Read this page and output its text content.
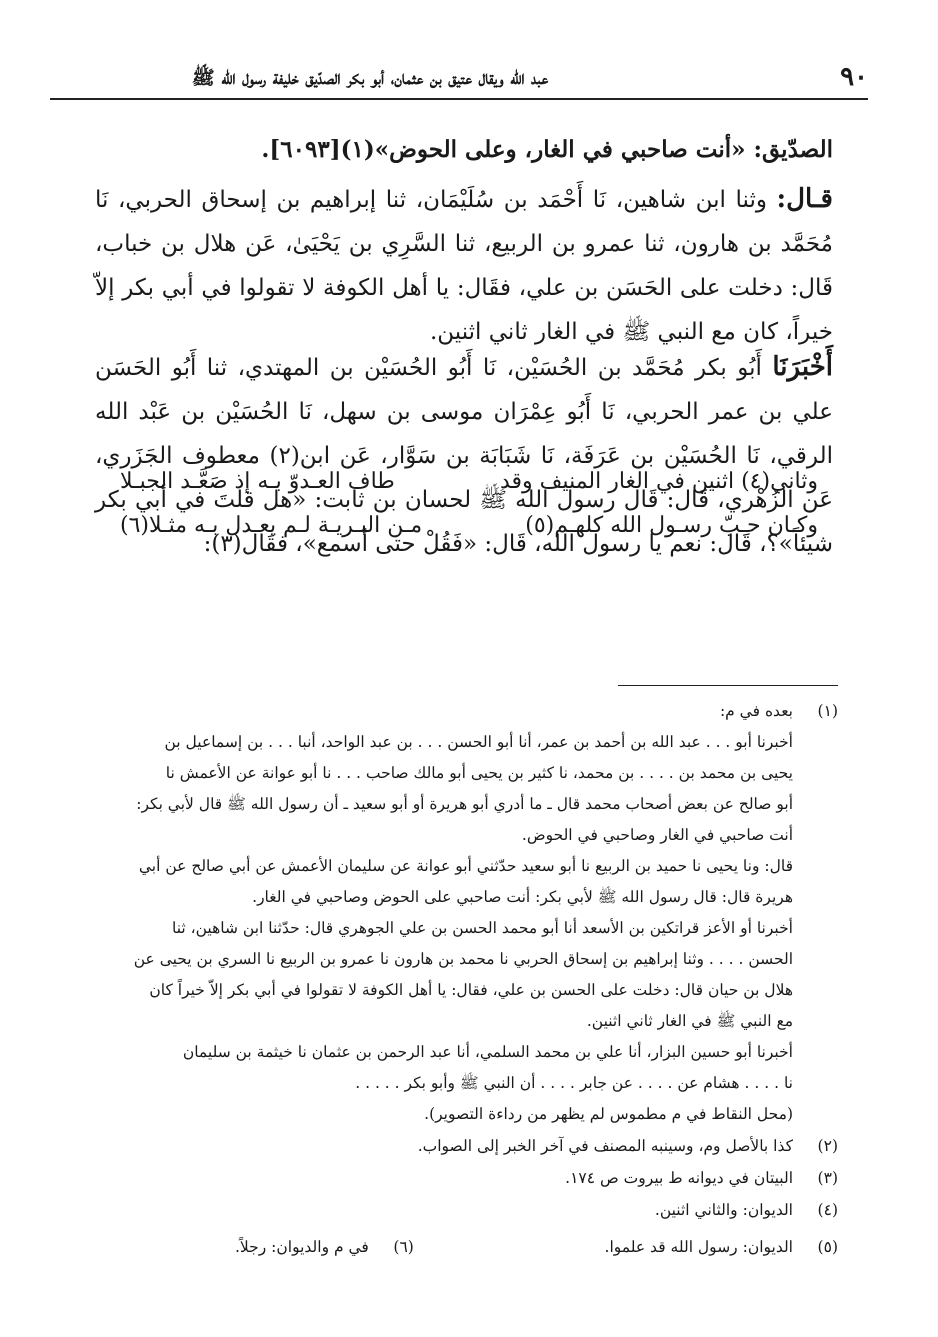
٩٠
عبد الله ويقال عتيق بن عثمان، أبو بكر الصدّيق خليفة رسول الله ﷺ

الصدّيق: «أنت صاحبي في الغار، وعلى الحوض»(١)[٦٠٩٣].

قـال: وثنا ابن شاهين، نَا أَحْمَد بن سُلَيْمَان، ثنا إبراهيم بن إسحاق الحربي، نَا مُحَمَّد بن هارون، ثنا عمرو بن الربيع، ثنا السَّرِي بن يَحْيَىٰ، عَن هلال بن خباب، قَال: دخلت على الحَسَن بن علي، فقَال: يا أهل الكوفة لا تقولوا في أبي بكر إلاّ خيراً، كان مع النبي ﷺ في الغار ثاني اثنين.

أَخْبَرَنَا أَبُو بكر مُحَمَّد بن الحُسَيْن، نَا أَبُو الحُسَيْن بن المهتدي، ثنا أَبُو الحَسَن علي بن عمر الحربي، نَا أَبُو عِمْرَان موسى بن سهل، نَا الحُسَيْن بن عَبْد الله الرقي، نَا الحُسَيْن بن عَرَفَة، نَا شَبَابَة بن سَوَّار، عَن ابن(٢) معطوف الجَزَري، عَن الزُهْري، قَال: قَال رسول الله ﷺ لحسان بن ثابت: «هل قلتَ في أبي بكر شيئاً»؟، قَال: نعم يا رسول الله، قَال: «فَقُلْ حتى أسمع»، فقَال(٣):

وثاني(٤) اثنين في الغار المنيف وقد
طاف العـدوّ بـه إذ صَعَّـد الجبـلا
وكـان حـبّ رسـول الله كلهـم(٥)
مـن البـريـة لـم يعـدل بـه مثـلا(٦)
(١)
بعده في م:
أخبرنا أبو . . . عبد الله بن أحمد بن عمر، أنا أبو الحسن . . . بن عبد الواحد، أنبا . . . بن إسماعيل بن
يحيى بن محمد بن . . . . بن محمد، نا كثير بن يحيى أبو مالك صاحب . . . نا أبو عوانة عن الأعمش نا
أبو صالح عن بعض أصحاب محمد قال ـ ما أدري أبو هريرة أو أبو سعيد ـ أن رسول الله ﷺ قال لأبي بكر:
أنت صاحبي في الغار وصاحبي في الحوض.
قال: ونا يحيى نا حميد بن الربيع نا أبو سعيد حدّثني أبو عوانة عن سليمان الأعمش عن أبي صالح عن أبي
هريرة قال: قال رسول الله ﷺ لأبي بكر: أنت صاحبي على الحوض وصاحبي في الغار.
أخبرنا أو الأعز قراتكين بن الأسعد أنا أبو محمد الحسن بن علي الجوهري قال: حدّثنا ابن شاهين، ثنا
الحسن . . . . وثنا إبراهيم بن إسحاق الحربي نا محمد بن هارون نا عمرو بن الربيع نا السري بن يحيى عن
هلال بن حيان قال: دخلت على الحسن بن علي، فقال: يا أهل الكوفة لا تقولوا في أبي بكر إلاّ خيراً كان
مع النبي ﷺ في الغار ثاني اثنين.
أخبرنا أبو حسين البزار، أنا علي بن محمد السلمي، أنا عبد الرحمن بن عثمان نا خيثمة بن سليمان
نا . . . . هشام عن . . . . عن جابر . . . . أن النبي ﷺ وأبو بكر . . . . .
(محل النقاط في م مطموس لم يظهر من رداءة التصوير).
(٢)
كذا بالأصل وم، وسينبه المصنف في آخر الخبر إلى الصواب.
(٣)
البيتان في ديوانه ط بيروت ص ١٧٤.
(٤)
الديوان: والثاني اثنين.
(٥)
الديوان: رسول الله قد علموا.
(٦)
في م والديوان: رجلاً.
